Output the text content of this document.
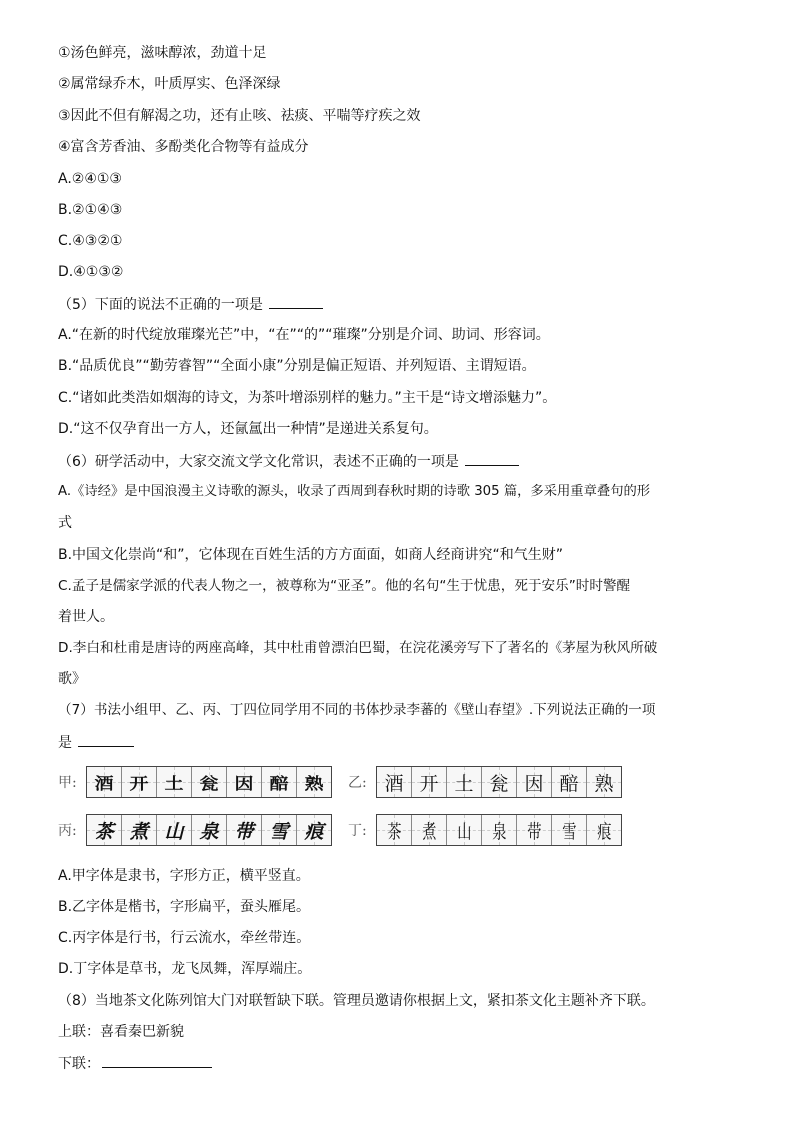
①汤色鲜亮，滋味醇浓，劲道十足
②属常绿乔木，叶质厚实、色泽深绿
③因此不但有解渴之功，还有止咳、祛痰、平喘等疗疾之效
④富含芳香油、多酚类化合物等有益成分
A.②④①③
B.②①④③
C.④③②①
D.④①③②
（5）下面的说法不正确的一项是
A.“在新的时代绽放璀璨光芒”中，“在”“的”“璀璨”分别是介词、助词、形容词。
B.“品质优良”“勤劳睿智”“全面小康”分别是偏正短语、并列短语、主谓短语。
C.“诸如此类浩如烟海的诗文，为茶叶增添别样的魅力。”主干是“诗文增添魅力”。
D.“这不仅孕育出一方人，还氤氲出一种情”是递进关系复句。
（6）研学活动中，大家交流文学文化常识，表述不正确的一项是
A.《诗经》是中国浪漫主义诗歌的源头，收录了西周到春秋时期的诗歌 305 篇，多采用重章叠句的形
式
B.中国文化崇尚“和”，它体现在百姓生活的方方面面，如商人经商讲究“和气生财”
C.孟子是儒家学派的代表人物之一，被尊称为“亚圣”。他的名句“生于忧患，死于安乐”时时警醒
着世人。
D.李白和杜甫是唐诗的两座高峰，其中杜甫曾漂泊巴蜀，在浣花溪旁写下了著名的《茅屋为秋风所破
歌》
（7）书法小组甲、乙、丙、丁四位同学用不同的书体抄录李蕃的《壁山春望》.下列说法正确的一项
是
甲: 酒 开 土 瓮 因 醅 熟 乙: 酒 开 土 瓮 因 醅 熟
丙: 茶 煮 山 泉 带 雪 痕 丁:	茶 煮 山 泉 带 雪 痕
A.甲字体是隶书，字形方正，横平竖直。
B.乙字体是楷书，字形扁平，蚕头雁尾。
C.丙字体是行书，行云流水，牵丝带连。
D.丁字体是草书，龙飞凤舞，浑厚端庄。
（8）当地茶文化陈列馆大门对联暂缺下联。管理员邀请你根据上文，紧扣茶文化主题补齐下联。
上联：喜看秦巴新貌
下联：
